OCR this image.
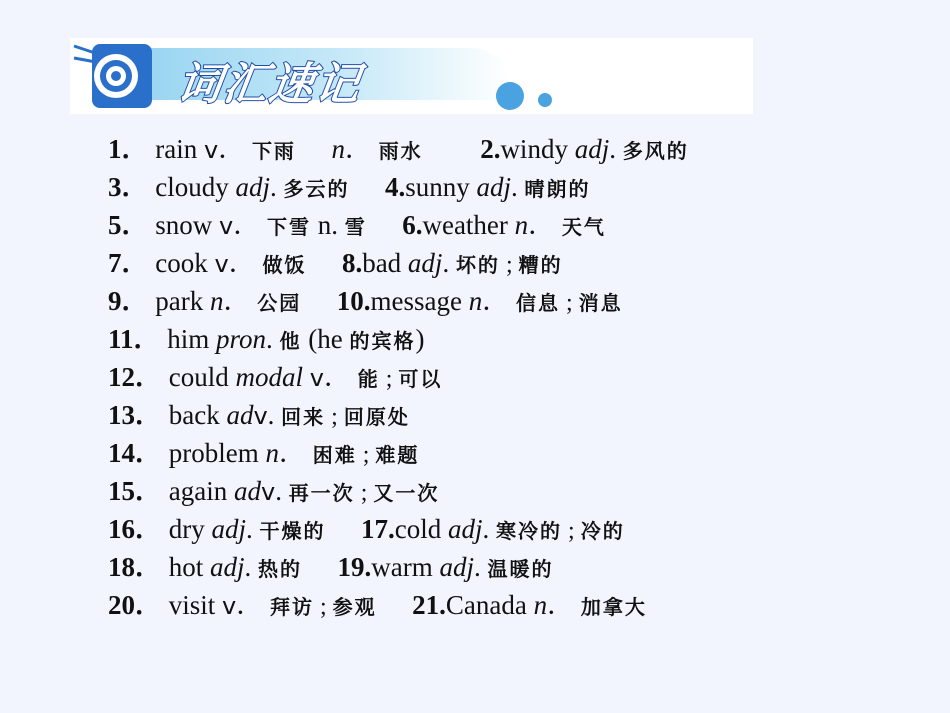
词汇速记
1． rain v． 下雨 n． 雨水 2.windy adj. 多风的
3． cloudy adj. 多云的 4.sunny adj. 晴朗的
5． snow v． 下雪 n. 雪 6.weather n． 天气
7． cook v． 做饭 8.bad adj. 坏的 ; 糟的
9． park n． 公园 10.message n． 信息 ; 消息
11． him pron. 他 (he 的宾格)
12． could modal v． 能 ; 可以
13． back adv. 回来 ; 回原处
14． problem n． 困难 ; 难题
15． again adv. 再一次 ; 又一次
16． dry adj. 干燥的 17.cold adj. 寒冷的 ; 冷的
18． hot adj. 热的 19.warm adj. 温暖的
20． visit v． 拜访 ; 参观 21.Canada n． 加拿大
